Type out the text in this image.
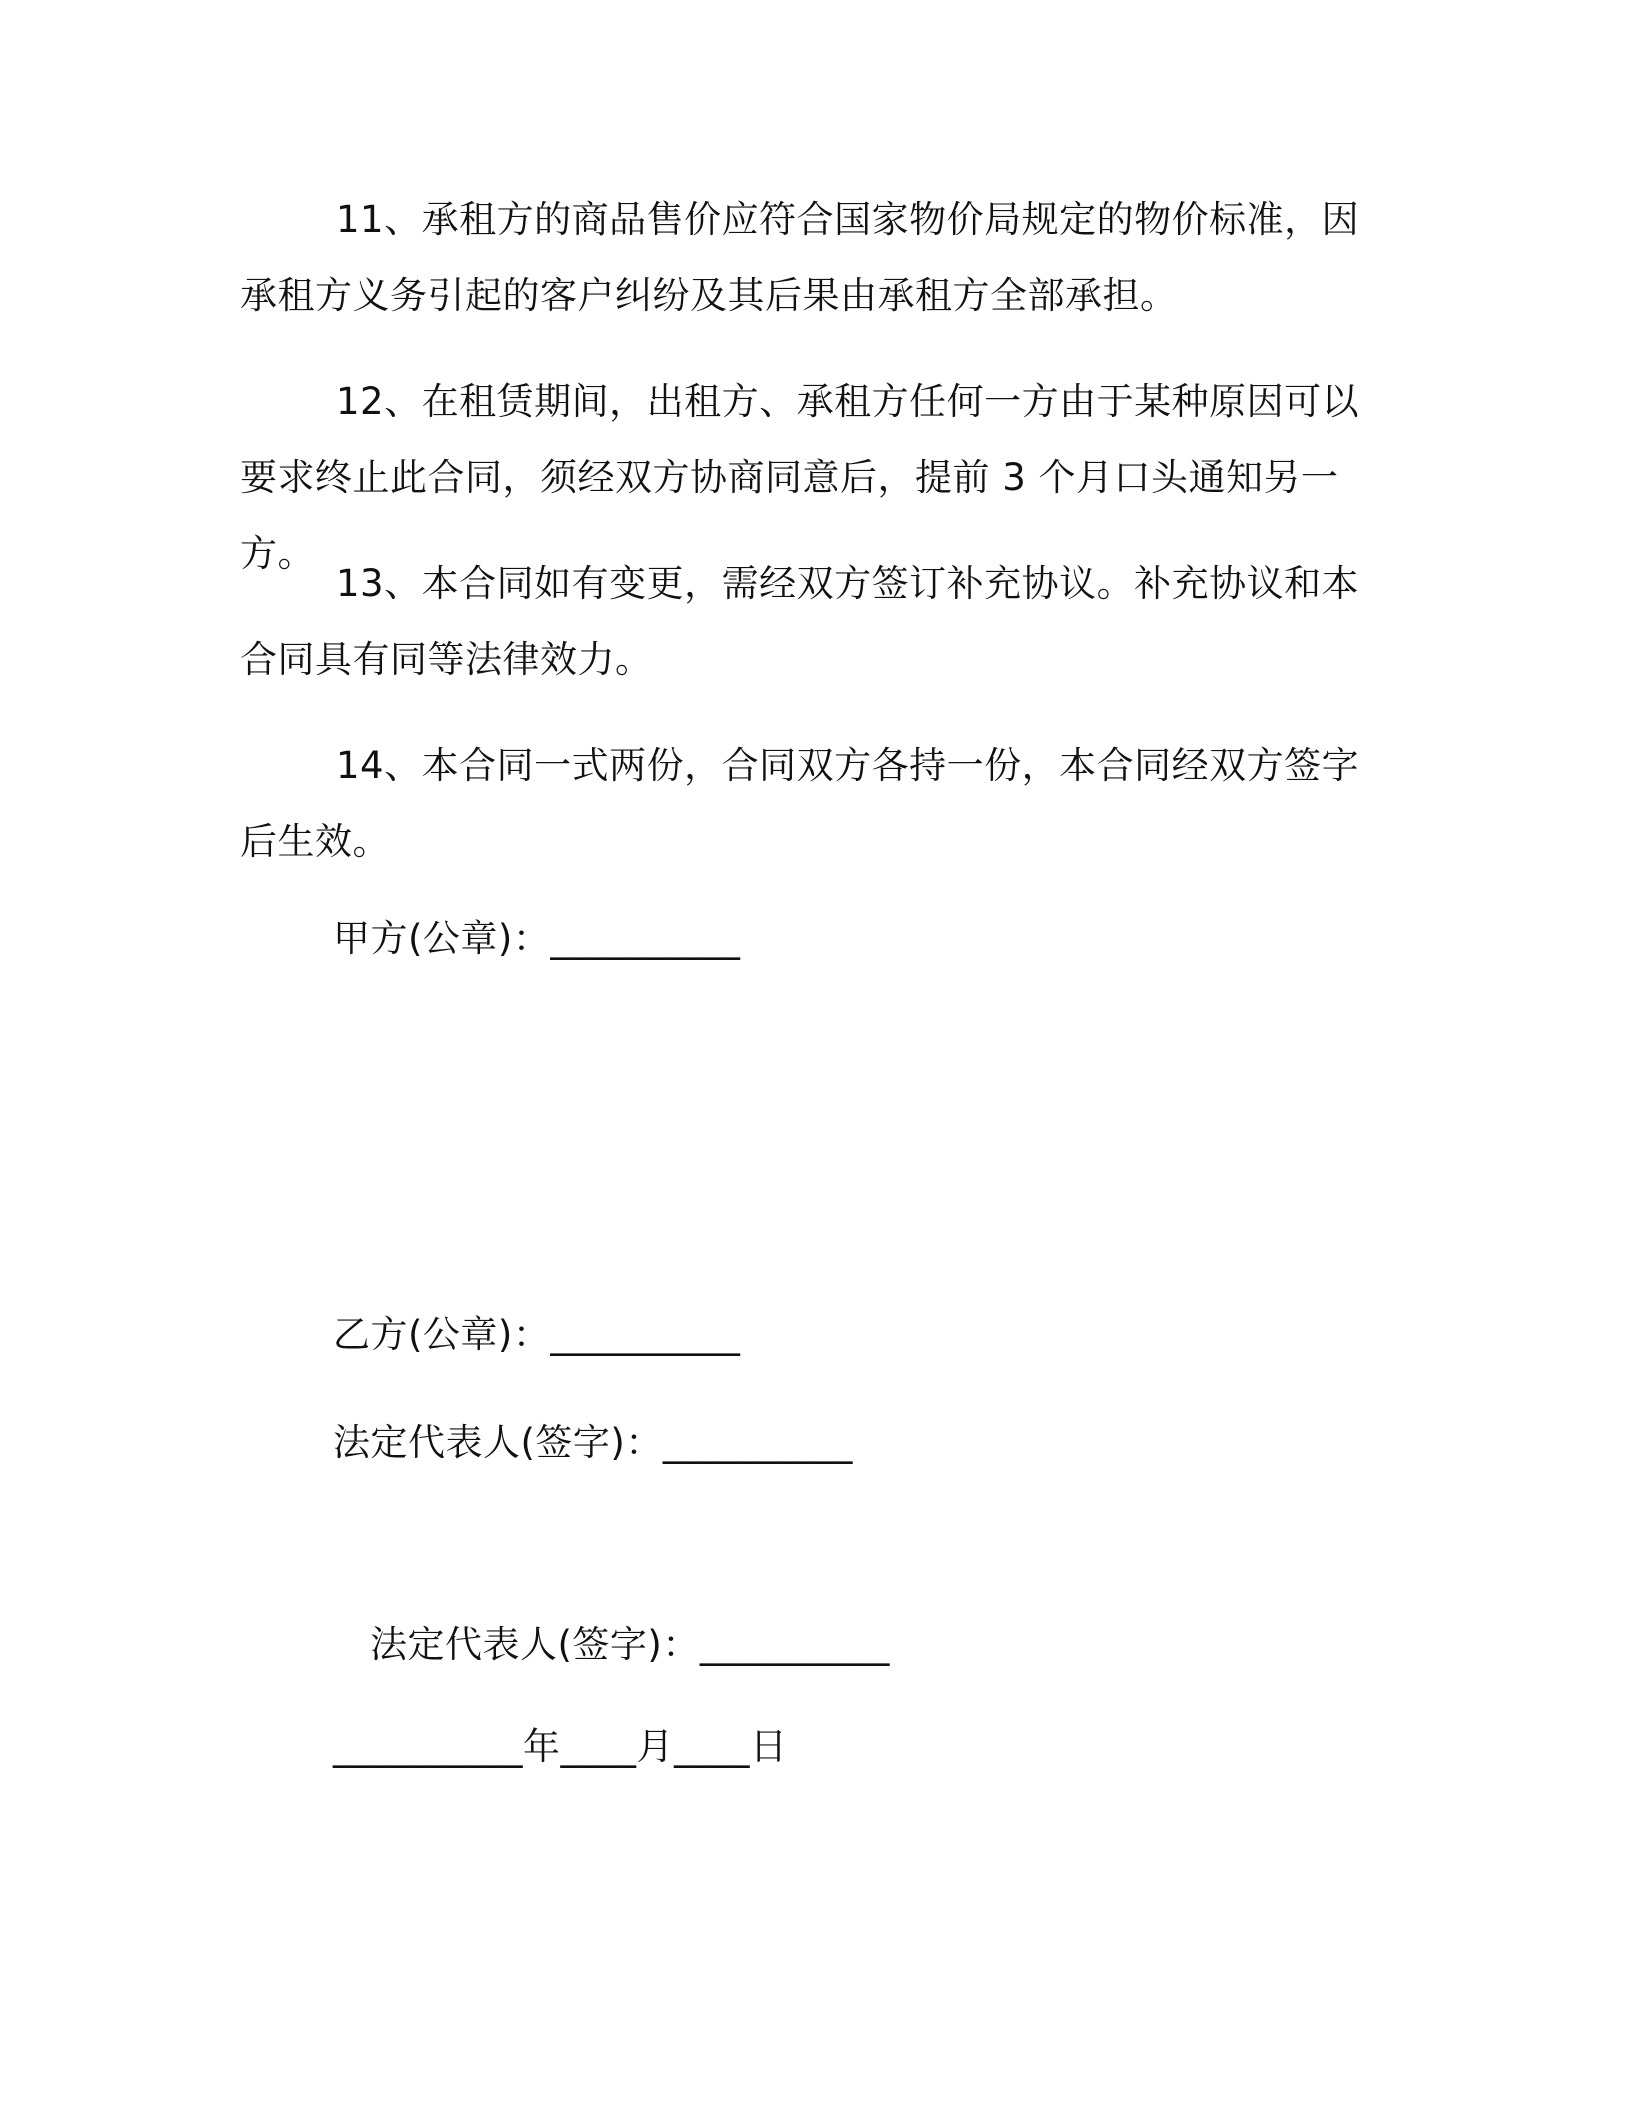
11、承租方的商品售价应符合国家物价局规定的物价标准，因承租方义务引起的客户纠纷及其后果由承租方全部承担。

12、在租赁期间，出租方、承租方任何一方由于某种原因可以要求终止此合同，须经双方协商同意后，提前 3 个月口头通知另一方。

13、本合同如有变更，需经双方签订补充协议。补充协议和本合同具有同等法律效力。

14、本合同一式两份，合同双方各持一份，本合同经双方签字后生效。

甲方(公章)：__________

乙方(公章)：__________

法定代表人(签字)：__________

法定代表人(签字)：__________

__________年____月____日
